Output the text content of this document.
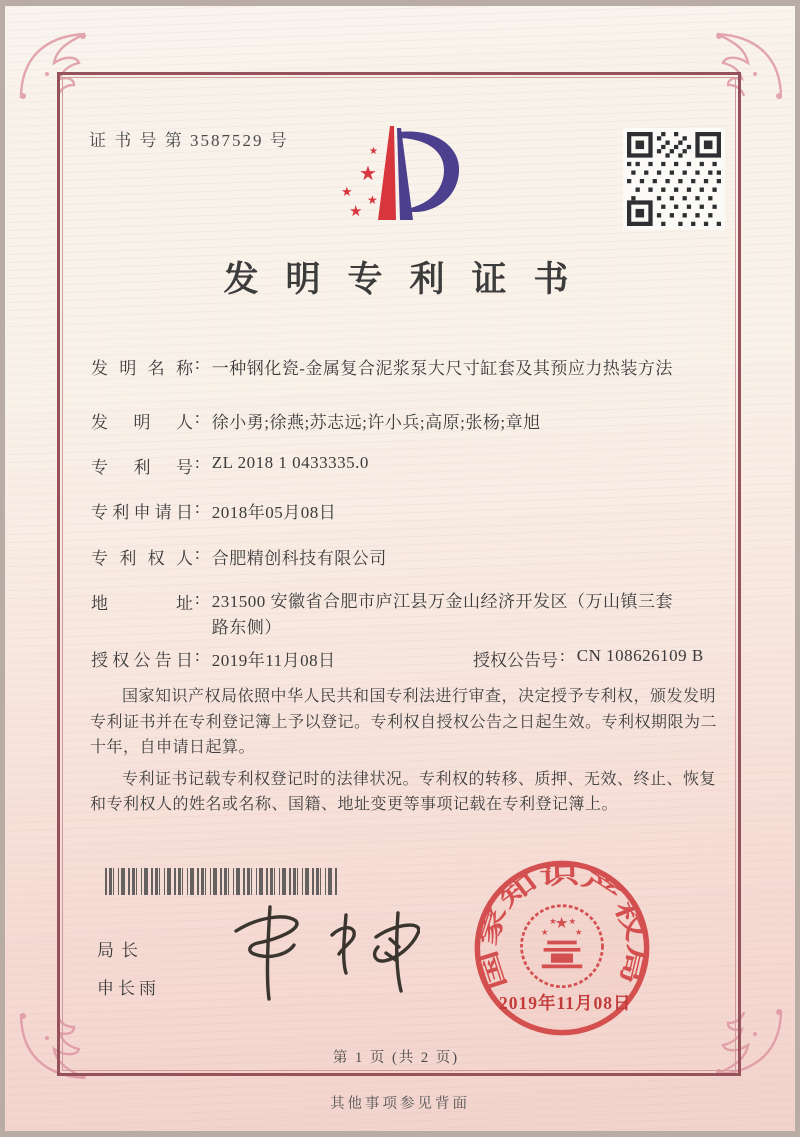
证 书 号 第 3587529 号
★
★
★
★
★
发明专利证书
发明名称 : 一种钢化瓷-金属复合泥浆泵大尺寸缸套及其预应力热装方法
发明人 : 徐小勇;徐燕;苏志远;许小兵;高原;张杨;章旭
专利号 : ZL 2018 1 0433335.0
专利申请日 : 2018年05月08日
专利权人 : 合肥精创科技有限公司
地址 : 231500 安徽省合肥市庐江县万金山经济开发区（万山镇三套路东侧）
授权公告日 : 2019年11月08日	授权公告号 : CN 108626109 B

国家知识产权局依照中华人民共和国专利法进行审查，决定授予专利权，颁发发明专利证书并在专利登记簿上予以登记。专利权自授权公告之日起生效。专利权期限为二十年，自申请日起算。

专利证书记载专利权登记时的法律状况。专利权的转移、质押、无效、终止、恢复和专利权人的姓名或名称、国籍、地址变更等事项记载在专利登记簿上。

局长
申长雨	国家知识产权局
★
★
★ ★
★
2019年11月08日
第 1 页 (共 2 页)
其他事项参见背面
